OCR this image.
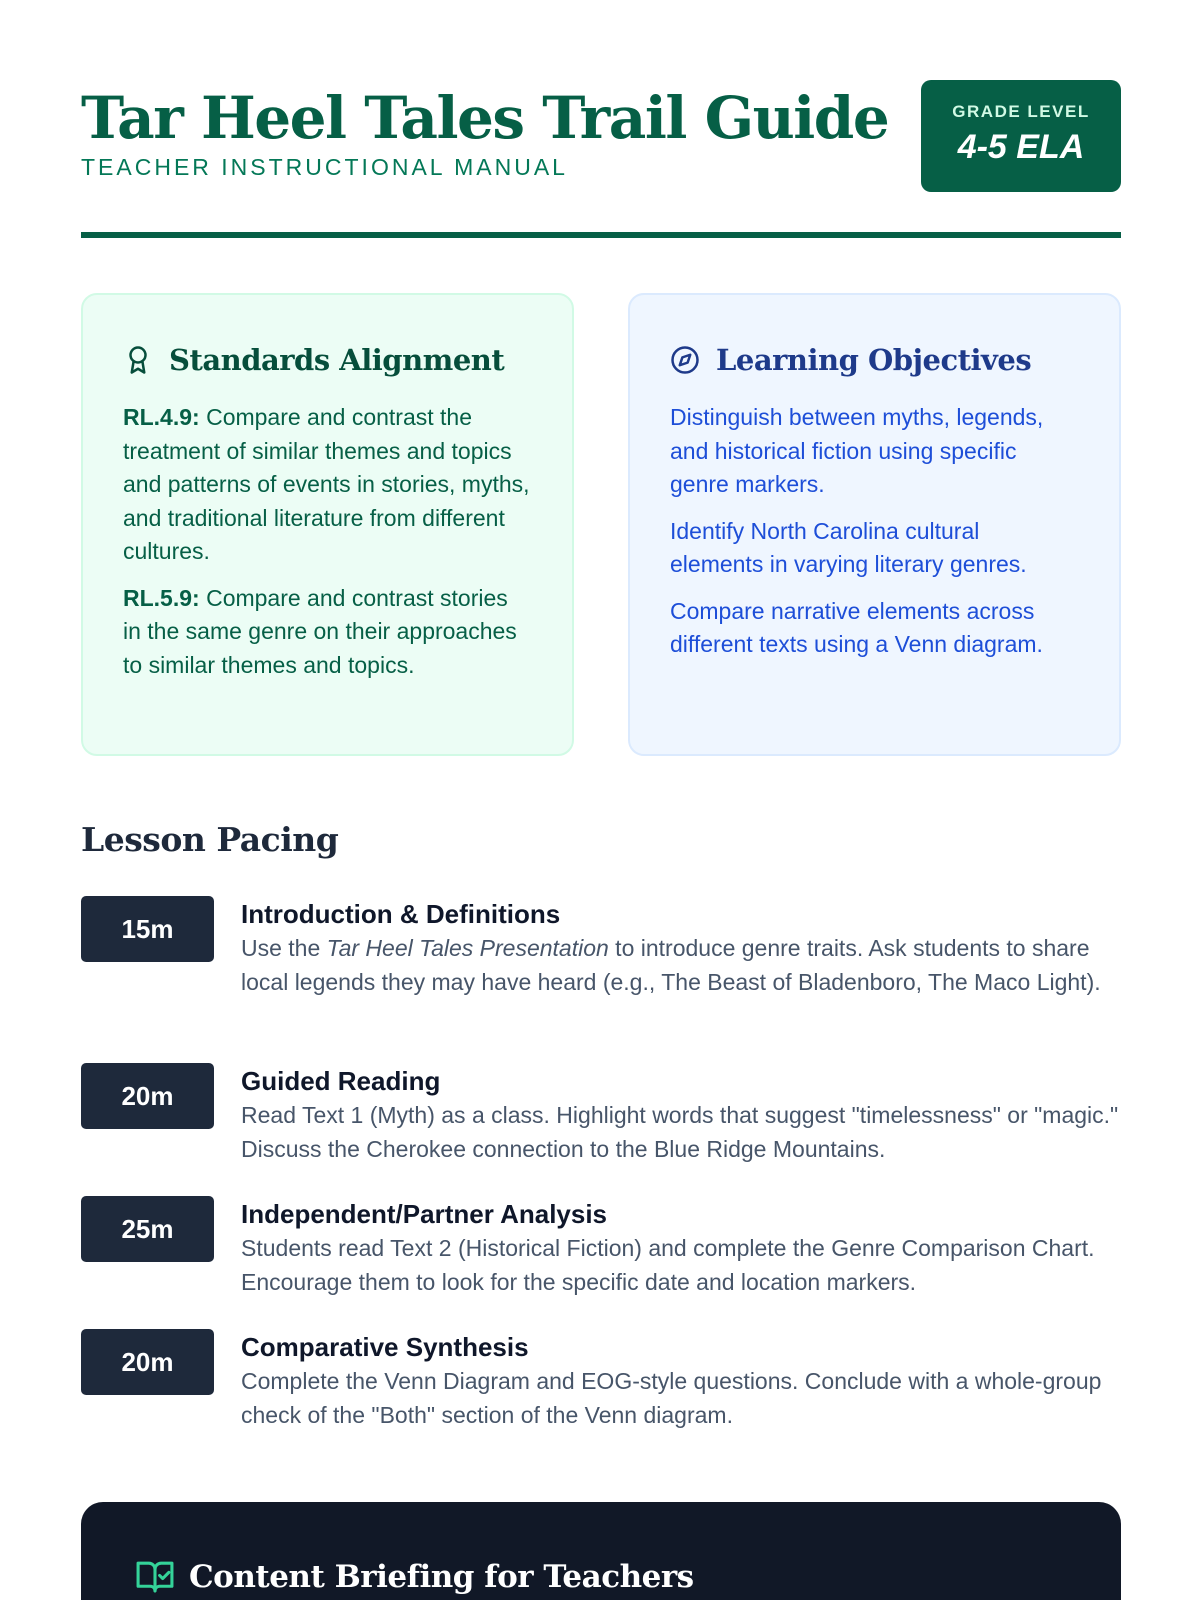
Tar Heel Tales Trail Guide
TEACHER INSTRUCTIONAL MANUAL
GRADE LEVEL
4-5 ELA
Standards Alignment

RL.4.9: Compare and contrast the treatment of similar themes and topics and patterns of events in stories, myths, and traditional literature from different cultures.

RL.5.9: Compare and contrast stories in the same genre on their approaches to similar themes and topics.

Learning Objectives

Distinguish between myths, legends, and historical fiction using specific genre markers.

Identify North Carolina cultural elements in varying literary genres.

Compare narrative elements across different texts using a Venn diagram.

Lesson Pacing
15m	Introduction & Definitions

Use the Tar Heel Tales Presentation to introduce genre traits. Ask students to share local legends they may have heard (e.g., The Beast of Bladenboro, The Maco Light).

20m	Guided Reading

Read Text 1 (Myth) as a class. Highlight words that suggest "timelessness" or "magic." Discuss the Cherokee connection to the Blue Ridge Mountains.

25m	Independent/Partner Analysis

Students read Text 2 (Historical Fiction) and complete the Genre Comparison Chart. Encourage them to look for the specific date and location markers.

20m	Comparative Synthesis

Complete the Venn Diagram and EOG-style questions. Conclude with a whole-group check of the "Both" section of the Venn diagram.

Content Briefing for Teachers
